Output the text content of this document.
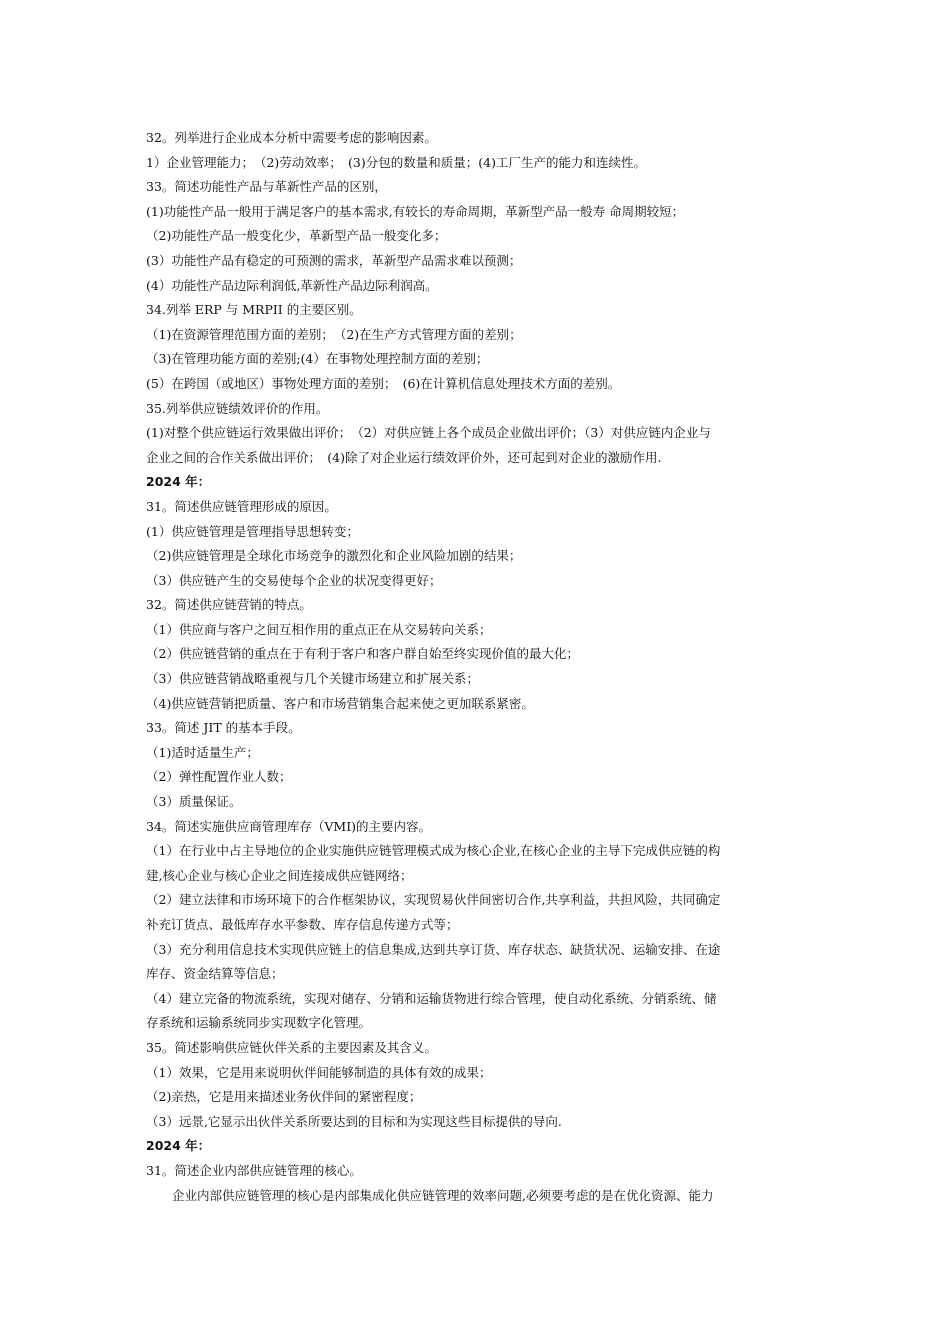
32。列举进行企业成本分析中需要考虑的影响因素。
1）企业管理能力；　（2)劳动效率；　(3)分包的数量和质量；(4)工厂生产的能力和连续性。
33。简述功能性产品与革新性产品的区别，
(1)功能性产品一般用于满足客户的基本需求,有较长的寿命周期，革新型产品一般寿 命周期较短；
（2)功能性产品一般变化少，革新型产品一般变化多；
(3）功能性产品有稳定的可预测的需求，革新型产品需求难以预测；
(4）功能性产品边际利润低,革新性产品边际利润高。
34.列举 ERP 与 MRPII 的主要区别。
（1)在资源管理范围方面的差别；　（2)在生产方式管理方面的差别；
（3)在管理功能方面的差别;(4）在事物处理控制方面的差别；
(5）在跨国（或地区）事物处理方面的差别；　(6)在计算机信息处理技术方面的差别。
35.列举供应链绩效评价的作用。
(1)对整个供应链运行效果做出评价；　（2）对供应链上各个成员企业做出评价；（3）对供应链内企业与
企业之间的合作关系做出评价；　(4)除了对企业运行绩效评价外，还可起到对企业的激励作用.
2024 年：
31。简述供应链管理形成的原因。
(1）供应链管理是管理指导思想转变；
（2)供应链管理是全球化市场竞争的激烈化和企业风险加剧的结果；
（3）供应链产生的交易使每个企业的状况变得更好；
32。简述供应链营销的特点。
（1）供应商与客户之间互相作用的重点正在从交易转向关系；
（2）供应链营销的重点在于有利于客户和客户群自始至终实现价值的最大化；
（3）供应链营销战略重视与几个关键市场建立和扩展关系；
（4)供应链营销把质量、客户和市场营销集合起来使之更加联系紧密。
33。简述 JIT 的基本手段。
（1)适时适量生产；
（2）弹性配置作业人数；
（3）质量保证。
34。简述实施供应商管理库存（VMI)的主要内容。
（1）在行业中占主导地位的企业实施供应链管理模式成为核心企业,在核心企业的主导下完成供应链的构
建,核心企业与核心企业之间连接成供应链网络；
（2）建立法律和市场环境下的合作框架协议，实现贸易伙伴间密切合作,共享利益，共担风险，共同确定
补充订货点、最低库存水平参数、库存信息传递方式等；
（3）充分利用信息技术实现供应链上的信息集成,达到共享订货、库存状态、缺货状况、运输安排、在途
库存、资金结算等信息；
（4）建立完备的物流系统，实现对储存、分销和运输货物进行综合管理，使自动化系统、分销系统、储
存系统和运输系统同步实现数字化管理。
35。简述影响供应链伙伴关系的主要因素及其含义。
（1）效果，它是用来说明伙伴间能够制造的具体有效的成果；
（2)亲热，它是用来描述业务伙伴间的紧密程度；
（3）远景,它显示出伙伴关系所要达到的目标和为实现这些目标提供的导向.
2024 年：
31。简述企业内部供应链管理的核心。
企业内部供应链管理的核心是内部集成化供应链管理的效率问题,必须要考虑的是在优化资源、能力
